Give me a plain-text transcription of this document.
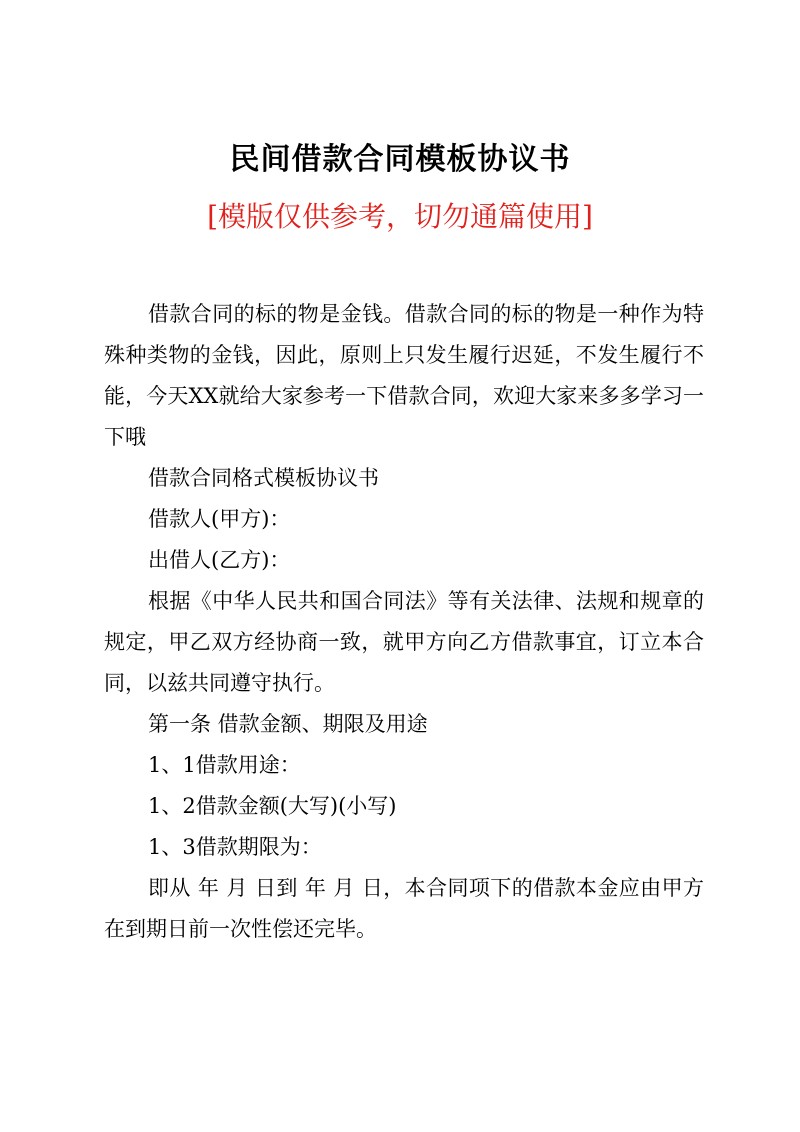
民间借款合同模板协议书
[模版仅供参考，切勿通篇使用]

借款合同的标的物是金钱。借款合同的标的物是一种作为特殊种类物的金钱，因此，原则上只发生履行迟延，不发生履行不能，今天XX就给大家参考一下借款合同，欢迎大家来多多学习一下哦

借款合同格式模板协议书

借款人(甲方)：

出借人(乙方)：

根据《中华人民共和国合同法》等有关法律、法规和规章的规定，甲乙双方经协商一致，就甲方向乙方借款事宜，订立本合同，以兹共同遵守执行。

第一条 借款金额、期限及用途

1、1借款用途：

1、2借款金额(大写)(小写)

1、3借款期限为：

即从 年 月 日到 年 月 日，本合同项下的借款本金应由甲方在到期日前一次性偿还完毕。
